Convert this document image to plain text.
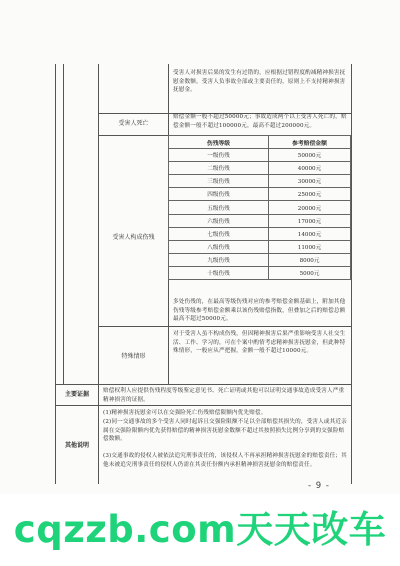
受害人对损害后果的发生有过错的，应根据过错程度酌减精神损害抚慰金数额。受害人负事故全部或主要责任的，原则上不支持精神损害抚慰金。
受害人死亡
赔偿金额一般不超过50000元；事故造成两个以上受害人死亡的，赔偿金额一般不超过100000元，最高不超过200000元。
受害人构成伤残
伤残等级	参考赔偿金额
一级伤残	50000元
二级伤残	40000元
三级伤残	30000元
四级伤残	25000元
五级伤残	20000元
六级伤残	17000元
七级伤残	14000元
八级伤残	11000元
九级伤残	8000元
十级伤残	5000元
多处伤残的，在最高等级伤残对应的参考赔偿金额基础上，附加其他伤残等级参考赔偿金额乘以该伤残赔偿指数，但叠加之后的赔偿总额最高不超过50000元。
特殊情形
对于受害人虽不构成伤残，但因精神损害后果严重影响受害人社交生活、工作、学习的，可在个案中酌情考虑精神损害抚慰金，但此种特殊情形，一般应从严把握，金额一般不超过10000元。
主要证据	赔偿权利人应提供伤残程度等级鉴定意见书、死亡证明或其他可以证明交通事故造成受害人严重精神损害的证据。
其他说明
(1)精神损害抚慰金可以在交强险死亡伤残赔偿限额内优先赔偿。
(2)同一交通事故的多个受害人同时起诉且交强险限额不足以全部赔偿其损失的，受害人或其近亲属在交强险限额内优先获得赔偿的精神损害抚慰金数额不超过其按照损失比例分享到的交强险赔偿数额。
(3)交通事故的侵权人被依法追究刑事责任的，该侵权人不再承担精神损害抚慰金的赔偿责任；其他未被追究刑事责任的侵权人仍需在其责任份额内承担精神损害抚慰金的赔偿责任。
- 9 -
cqzzb.com天天改车
